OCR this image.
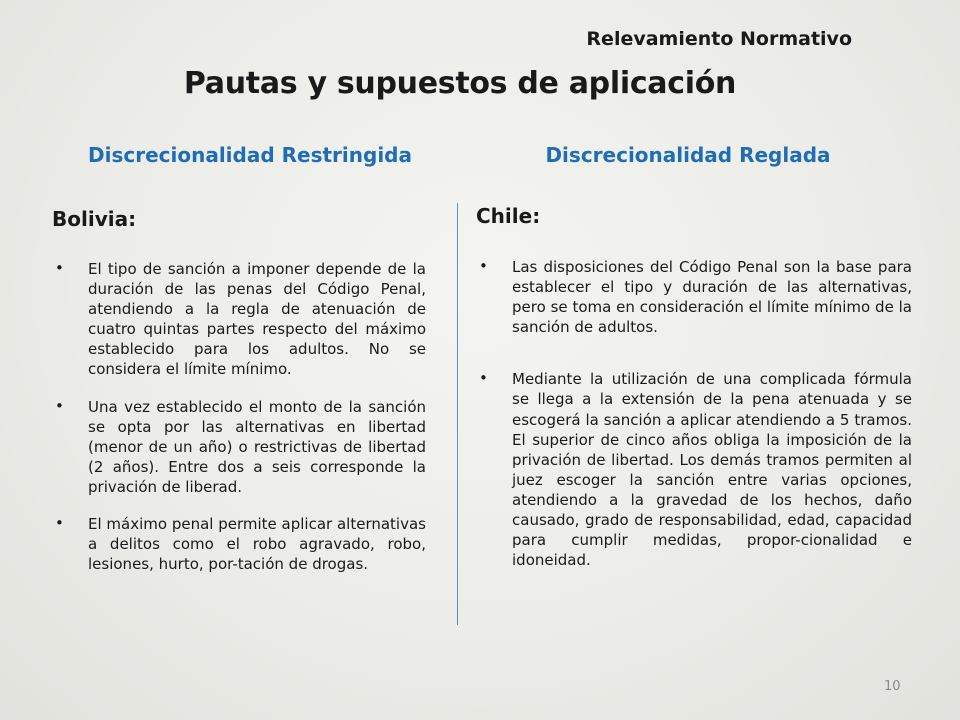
Relevamiento Normativo
Pautas y supuestos de aplicación
Discrecionalidad Restringida	Discrecionalidad Reglada
Bolivia:
• El tipo de sanción a imponer depende de la duración de las penas del Código Penal, atendiendo a la regla de atenuación de cuatro quintas partes respecto del máximo establecido para los adultos. No se considera el límite mínimo.
• Una vez establecido el monto de la sanción se opta por las alternativas en libertad (menor de un año) o restrictivas de libertad (2 años). Entre dos a seis corresponde la privación de liberad.
• El máximo penal permite aplicar alternativas a delitos como el robo agravado, robo, lesiones, hurto, por-tación de drogas.
Chile:
• Las disposiciones del Código Penal son la base para establecer el tipo y duración de las alternativas, pero se toma en consideración el límite mínimo de la sanción de adultos.
• Mediante la utilización de una complicada fórmula se llega a la extensión de la pena atenuada y se escogerá la sanción a aplicar atendiendo a 5 tramos. El superior de cinco años obliga la imposición de la privación de libertad. Los demás tramos permiten al juez escoger la sanción entre varias opciones, atendiendo a la gravedad de los hechos, daño causado, grado de responsabilidad, edad, capacidad para cumplir medidas, propor-cionalidad e idoneidad.
10
